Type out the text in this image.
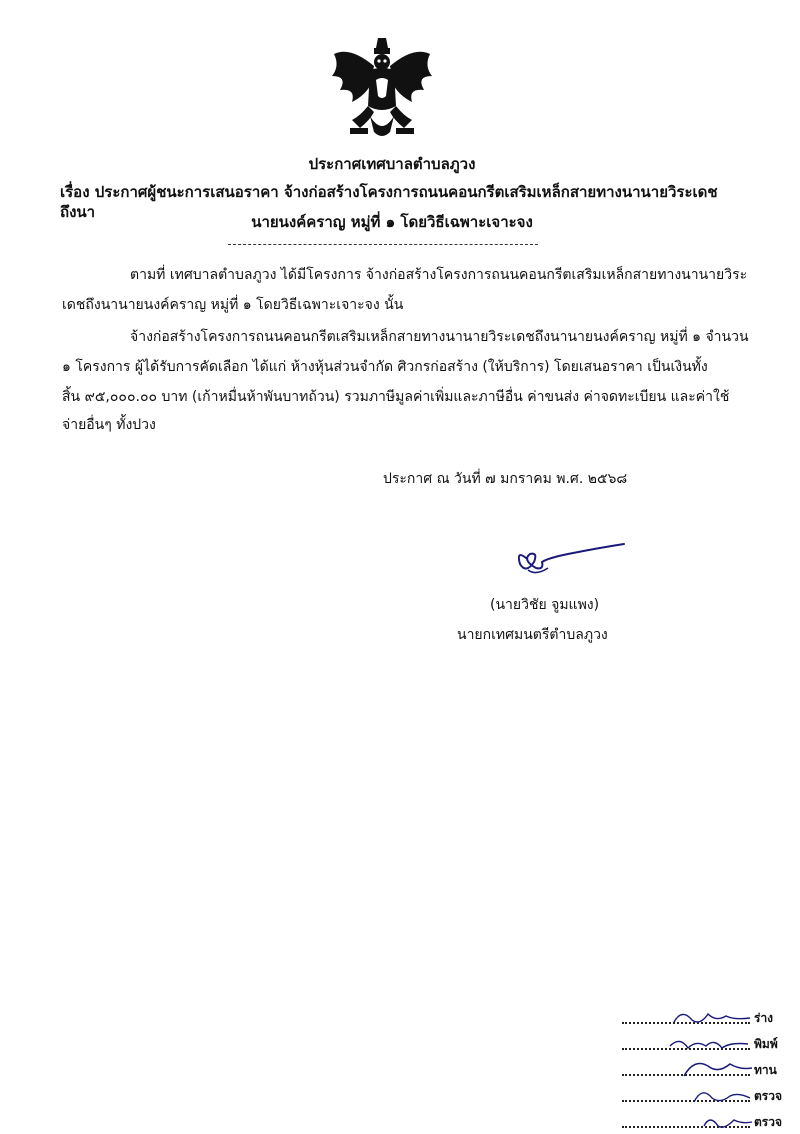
ประกาศเทศบาลตำบลภูวง
เรื่อง ประกาศผู้ชนะการเสนอราคา จ้างก่อสร้างโครงการถนนคอนกรีตเสริมเหล็กสายทางนานายวิระเดชถึงนา
นายนงค์คราญ หมู่ที่ ๑ โดยวิธีเฉพาะเจาะจง
ตามที่ เทศบาลตำบลภูวง ได้มีโครงการ จ้างก่อสร้างโครงการถนนคอนกรีตเสริมเหล็กสายทางนานายวิระ
เดชถึงนานายนงค์คราญ หมู่ที่ ๑ โดยวิธีเฉพาะเจาะจง นั้น
จ้างก่อสร้างโครงการถนนคอนกรีตเสริมเหล็กสายทางนานายวิระเดชถึงนานายนงค์คราญ หมู่ที่ ๑ จำนวน
๑ โครงการ ผู้ได้รับการคัดเลือก ได้แก่ ห้างหุ้นส่วนจำกัด ศิวกรก่อสร้าง (ให้บริการ) โดยเสนอราคา เป็นเงินทั้ง
สิ้น ๙๕,๐๐๐.๐๐ บาท (เก้าหมื่นห้าพันบาทถ้วน) รวมภาษีมูลค่าเพิ่มและภาษีอื่น ค่าขนส่ง ค่าจดทะเบียน และค่าใช้
จ่ายอื่นๆ ทั้งปวง
ประกาศ ณ วันที่ ๗ มกราคม พ.ศ. ๒๕๖๘
(นายวิชัย จูมแพง)
นายกเทศมนตรีตำบลภูวง
ร่าง
พิมพ์
ทาน
ตรวจ
ตรวจ
